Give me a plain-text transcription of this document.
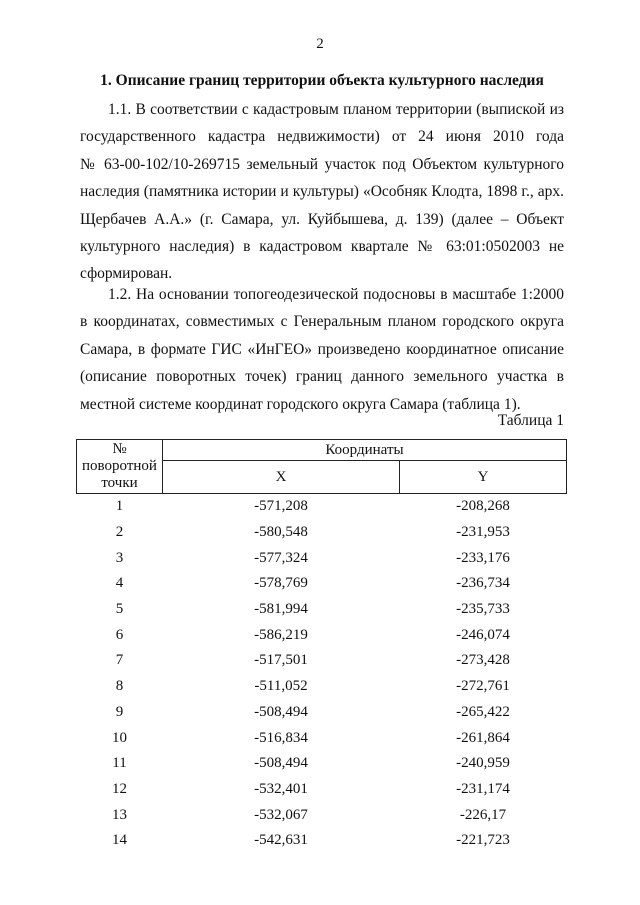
2
1. Описание границ территории объекта культурного наследия
1.1. В соответствии с кадастровым планом территории (выпиской из
государственного кадастра недвижимости) от 24 июня 2010 года
№ 63-00-102/10-269715 земельный участок под Объектом культурного
наследия (памятника истории и культуры) «Особняк Клодта, 1898 г., арх.
Щербачев А.А.» (г. Самара, ул. Куйбышева, д. 139) (далее – Объект
культурного наследия) в кадастровом квартале № 63:01:0502003 не
сформирован.
1.2. На основании топогеодезической подосновы в масштабе 1:2000
в координатах, совместимых с Генеральным планом городского округа
Самара, в формате ГИС «ИнГЕО» произведено координатное описание
(описание поворотных точек) границ данного земельного участка в
местной системе координат городского округа Самара (таблица 1).
Таблица 1
№
поворотной
точки	Координаты	
	X	Y
1	-571,208	-208,268
2	-580,548	-231,953
3	-577,324	-233,176
4	-578,769	-236,734
5	-581,994	-235,733
6	-586,219	-246,074
7	-517,501	-273,428
8	-511,052	-272,761
9	-508,494	-265,422
10	-516,834	-261,864
11	-508,494	-240,959
12	-532,401	-231,174
13	-532,067	-226,17
14	-542,631	-221,723
